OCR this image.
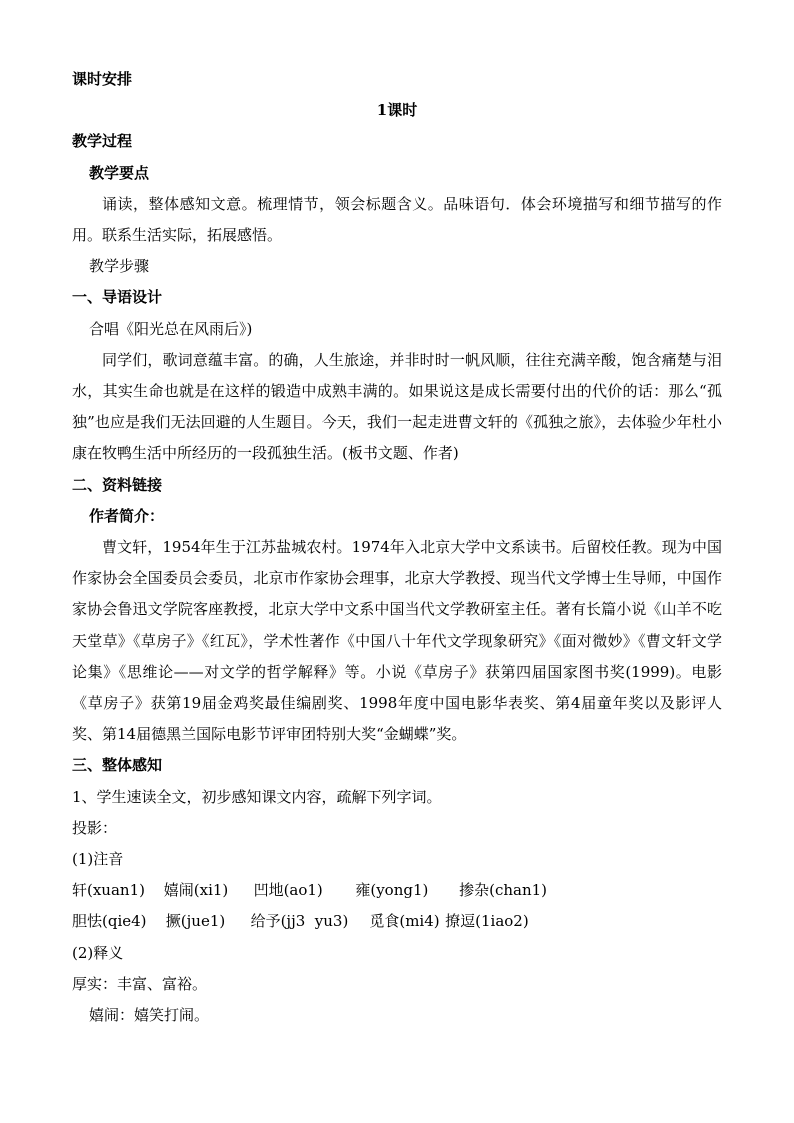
课时安排
1课时
教学过程
教学要点
诵读，整体感知文意。梳理情节，领会标题含义。品味语句．体会环境描写和细节描写的作用。联系生活实际，拓展感悟。
教学步骤
一、导语设计
合唱《阳光总在风雨后》)
同学们，歌词意蕴丰富。的确，人生旅途，并非时时一帆风顺，往往充满辛酸，饱含痛楚与泪水，其实生命也就是在这样的锻造中成熟丰满的。如果说这是成长需要付出的代价的话：那么“孤独”也应是我们无法回避的人生题目。今天，我们一起走进曹文轩的《孤独之旅》，去体验少年杜小康在牧鸭生活中所经历的一段孤独生活。(板书文题、作者)
二、资料链接
作者简介：
曹文轩，1954年生于江苏盐城农村。1974年入北京大学中文系读书。后留校任教。现为中国作家协会全国委员会委员，北京市作家协会理事，北京大学教授、现当代文学博士生导师，中国作家协会鲁迅文学院客座教授，北京大学中文系中国当代文学教研室主任。著有长篇小说《山羊不吃天堂草》《草房子》《红瓦》，学术性著作《中国八十年代文学现象研究》《面对微妙》《曹文轩文学论集》《思维论——对文学的哲学解释》等。小说《草房子》获第四届国家图书奖(1999)。电影《草房子》获第19届金鸡奖最佳编剧奖、1998年度中国电影华表奖、第4届童年奖以及影评人奖、第14届德黑兰国际电影节评审团特别大奖“金蝴蝶”奖。
三、整体感知
1、学生速读全文，初步感知课文内容，疏解下列字词。
投影：
(1)注音
轩(xuan1) 嬉闹(xi1) 凹地(ao1) 雍(yong1) 掺杂(chan1)
胆怯(qie4) 撅(jue1) 给予(jj3  yu3) 觅食(mi4) 撩逗(1iao2)
(2)释义
厚实：丰富、富裕。
嬉闹：嬉笑打闹。
